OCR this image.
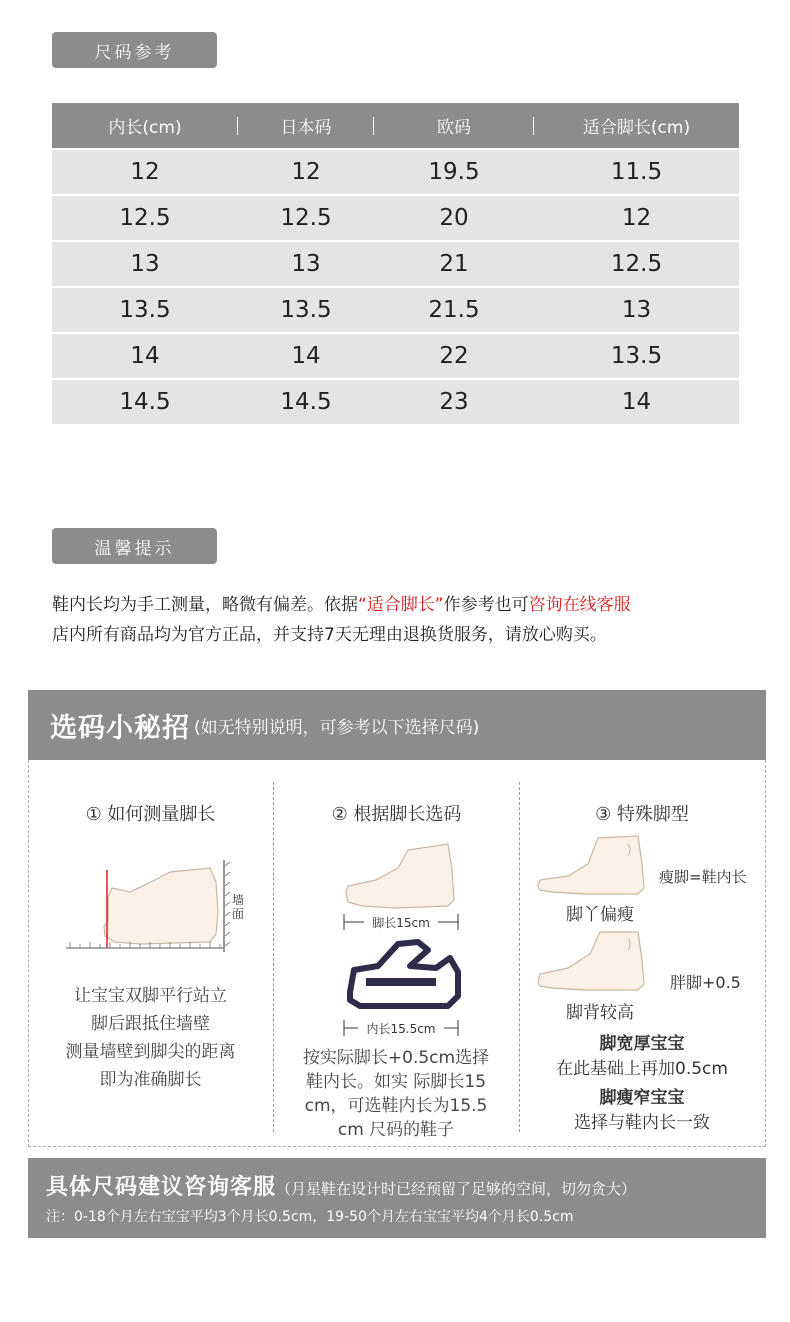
尺码参考
内长(cm)	日本码	欧码	适合脚长(cm)
12	12	19.5	11.5
12.5	12.5	20	12
13	13	21	12.5
13.5	13.5	21.5	13
14	14	22	13.5
14.5	14.5	23	14
温馨提示
鞋内长均为手工测量，略微有偏差。依据“适合脚长”作参考也可咨询在线客服
店内所有商品均为官方正品，并支持7天无理由退换货服务，请放心购买。
选码小秘招 (如无特别说明，可参考以下选择尺码)
① 如何测量脚长
墙面
让宝宝双脚平行站立
脚后跟抵住墙壁
测量墙壁到脚尖的距离
即为准确脚长
② 根据脚长选码
脚长15cm
内长15.5cm
按实际脚长+0.5cm选择
鞋内长。如实 际脚长15
cm，可选鞋内长为15.5
cm 尺码的鞋子
③ 特殊脚型
瘦脚=鞋内长
脚丫偏瘦
胖脚+0.5
脚背较高
脚宽厚宝宝
在此基础上再加0.5cm
脚瘦窄宝宝
选择与鞋内长一致
具体尺码建议咨询客服（月星鞋在设计时已经预留了足够的空间，切勿贪大）
注：0-18个月左右宝宝平均3个月长0.5cm，19-50个月左右宝宝平均4个月长0.5cm
